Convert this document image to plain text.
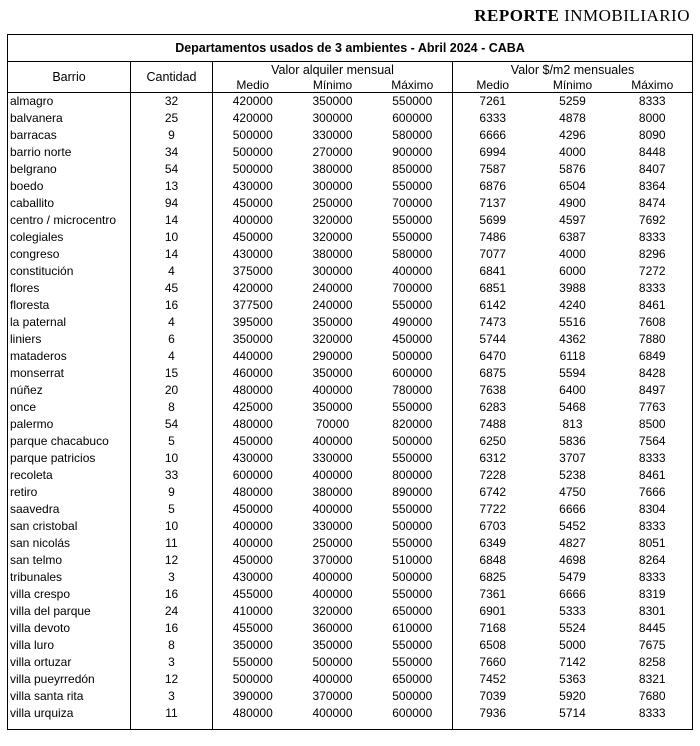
REPORTE INMOBILIARIO
Departamentos usados de 3 ambientes - Abril 2024 - CABA							
Barrio	Cantidad	Valor alquiler mensual			Valor $/m2 mensuales		
		Medio	Mínimo	Máximo	Medio	Mínimo	Máximo
almagro	32	420000	350000	550000	7261	5259	8333
balvanera	25	420000	300000	600000	6333	4878	8000
barracas	9	500000	330000	580000	6666	4296	8090
barrio norte	34	500000	270000	900000	6994	4000	8448
belgrano	54	500000	380000	850000	7587	5876	8407
boedo	13	430000	300000	550000	6876	6504	8364
caballito	94	450000	250000	700000	7137	4900	8474
centro / microcentro	14	400000	320000	550000	5699	4597	7692
colegiales	10	450000	320000	550000	7486	6387	8333
congreso	14	430000	380000	580000	7077	4000	8296
constitución	4	375000	300000	400000	6841	6000	7272
flores	45	420000	240000	700000	6851	3988	8333
floresta	16	377500	240000	550000	6142	4240	8461
la paternal	4	395000	350000	490000	7473	5516	7608
liniers	6	350000	320000	450000	5744	4362	7880
mataderos	4	440000	290000	500000	6470	6118	6849
monserrat	15	460000	350000	600000	6875	5594	8428
núñez	20	480000	400000	780000	7638	6400	8497
once	8	425000	350000	550000	6283	5468	7763
palermo	54	480000	70000	820000	7488	813	8500
parque chacabuco	5	450000	400000	500000	6250	5836	7564
parque patricios	10	430000	330000	550000	6312	3707	8333
recoleta	33	600000	400000	800000	7228	5238	8461
retiro	9	480000	380000	890000	6742	4750	7666
saavedra	5	450000	400000	550000	7722	6666	8304
san cristobal	10	400000	330000	500000	6703	5452	8333
san nicolás	11	400000	250000	550000	6349	4827	8051
san telmo	12	450000	370000	510000	6848	4698	8264
tribunales	3	430000	400000	500000	6825	5479	8333
villa crespo	16	455000	400000	550000	7361	6666	8319
villa del parque	24	410000	320000	650000	6901	5333	8301
villa devoto	16	455000	360000	610000	7168	5524	8445
villa luro	8	350000	350000	550000	6508	5000	7675
villa ortuzar	3	550000	500000	550000	7660	7142	8258
villa pueyrredón	12	500000	400000	650000	7452	5363	8321
villa santa rita	3	390000	370000	500000	7039	5920	7680
villa urquiza	11	480000	400000	600000	7936	5714	8333
